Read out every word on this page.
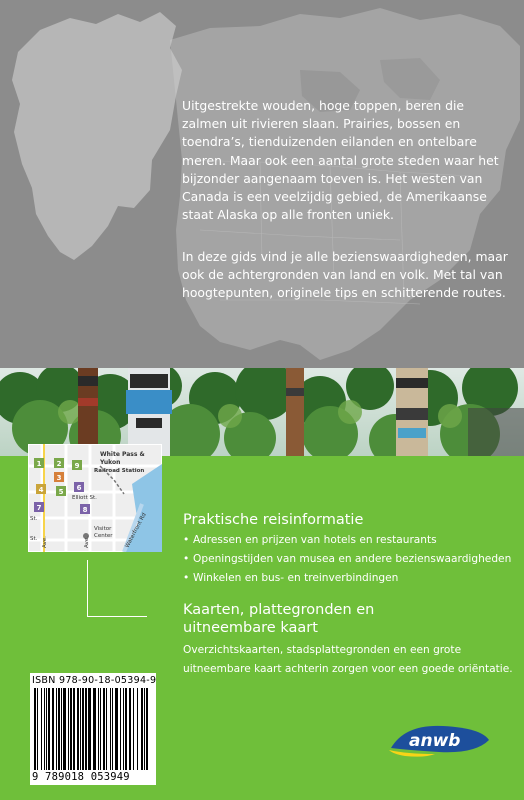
Uitgestrekte wouden, hoge toppen, beren die zalmen uit rivieren slaan. Prairies, bossen en toendra’s, tienduizenden eilanden en ontelbare meren. Maar ook een aantal grote steden waar het bijzonder aangenaam toeven is. Het westen van Canada is een veelzijdig gebied, de Amerikaanse staat Alaska op alle fronten uniek.

In deze gids vind je alle bezienswaardigheden, maar ook de achtergronden van land en volk. Met tal van hoogtepunten, originele tips en schitterende routes.

1 2
3
4 5 6
7	8
9
White Pass &
Yukon
Railroad Station
Visitor
Center
Elliott St.
St.
St. Ave.	Ave.	Waterfront Rd Praktische reisinformatie
• Adressen en prijzen van hotels en restaurants
• Openingstijden van musea en andere bezienswaardigheden
• Winkelen en bus- en treinverbindingen
Kaarten, plattegronden en
uitneembare kaart

Overzichtskaarten, stadsplattegronden en een grote uitneembare kaart achterin zorgen voor een goede oriëntatie.

ISBN 978-90-18-05394-9
9 789018 053949
anwb
